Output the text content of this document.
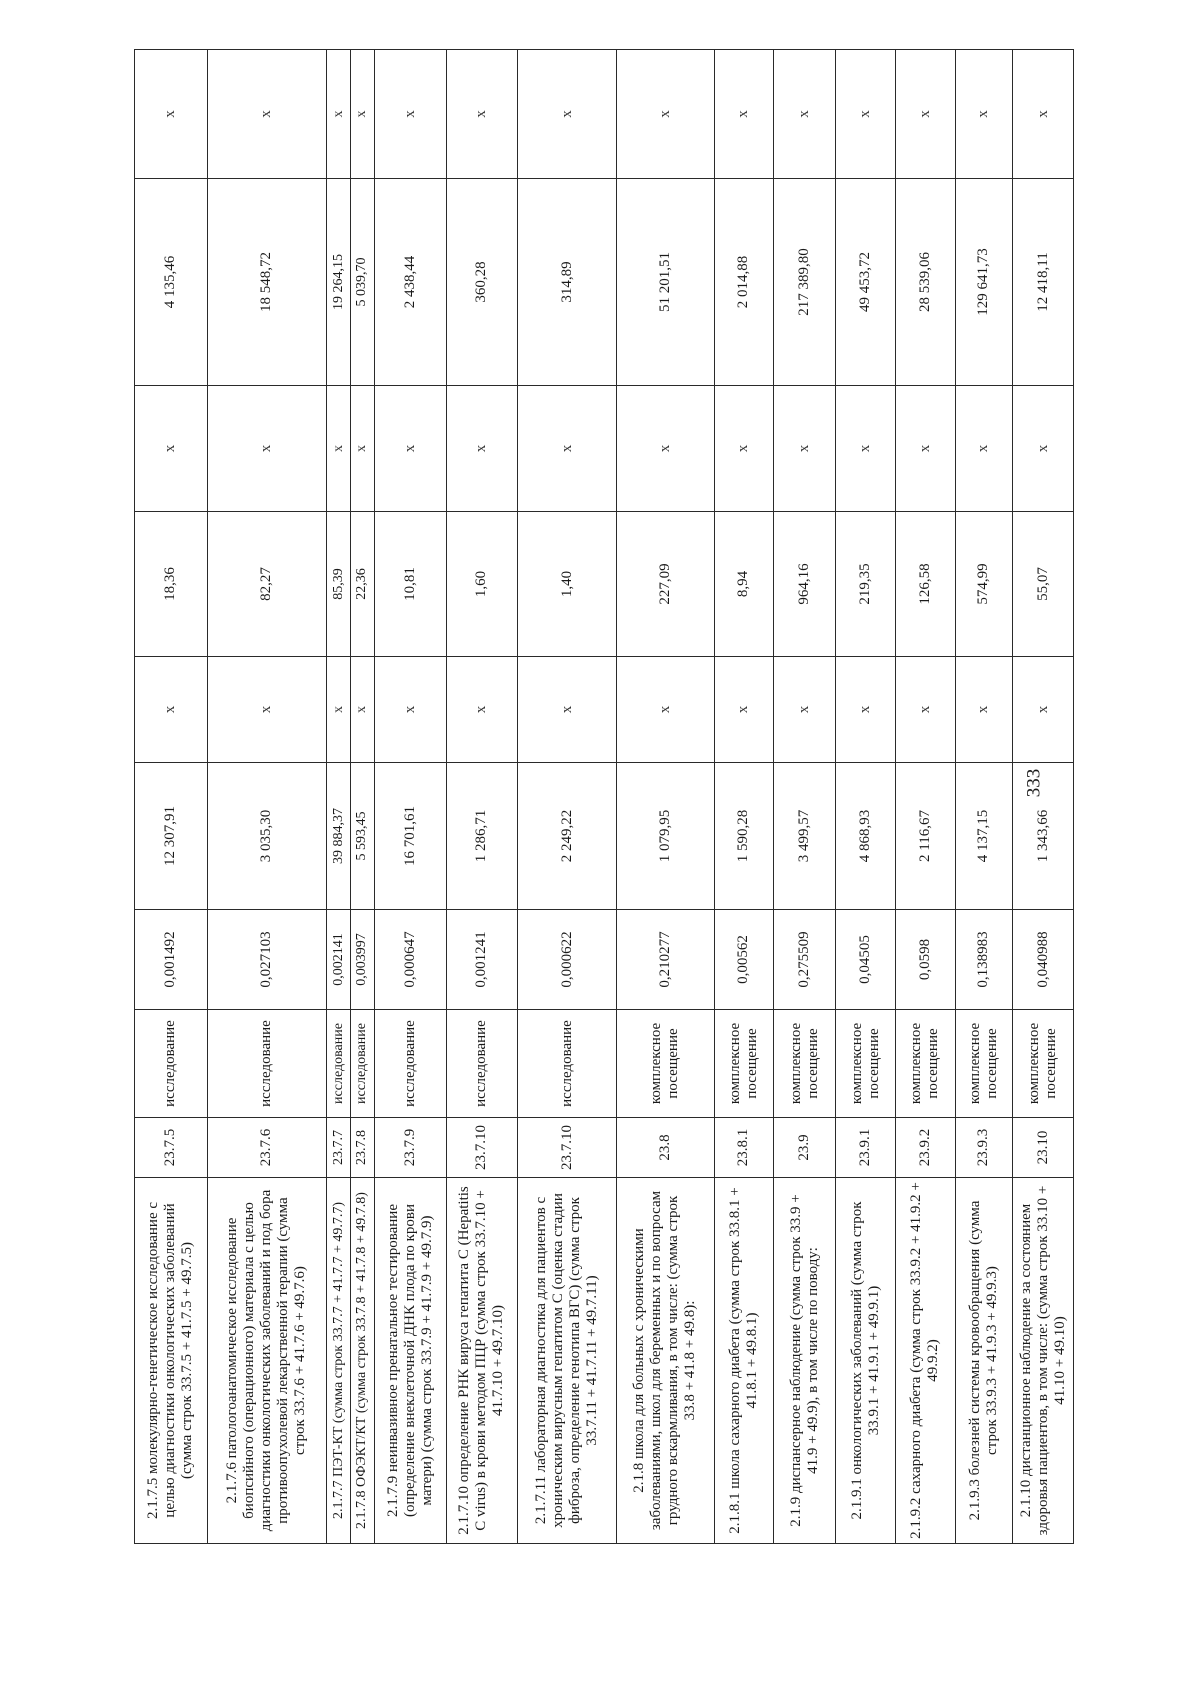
2.1.7.5 молекулярно-генетическое исследование с целью диагностики онкологических заболеваний (сумма строк 33.7.5 + 41.7.5 + 49.7.5)	23.7.5	исследование	0,001492	12 307,91	x	18,36	x	4 135,46	x
2.1.7.6 патологоанатомическое исследование биопсийного (операционного) материала с целью диагностики онкологических заболеваний и под бора противоопухолевой лекарственной терапии (сумма строк 33.7.6 + 41.7.6 + 49.7.6)	23.7.6	исследование	0,027103	3 035,30	x	82,27	x	18 548,72	x
2.1.7.7 ПЭТ-КТ (сумма строк 33.7.7 + 41.7.7 + 49.7.7)	23.7.7	исследование	0,002141	39 884,37	x	85,39	x	19 264,15	x
2.1.7.8 ОФЭКТ/КТ (сумма строк 33.7.8 + 41.7.8 + 49.7.8)	23.7.8	исследование	0,003997	5 593,45	x	22,36	x	5 039,70	x
2.1.7.9 неинвазивное пренатальное тестирование (определение внеклеточной ДНК плода по крови матери) (сумма строк 33.7.9 + 41.7.9 + 49.7.9)	23.7.9	исследование	0,000647	16 701,61	x	10,81	x	2 438,44	x
2.1.7.10 определение РНК вируса гепатита С (Hepatitis C virus) в крови методом ПЦР (сумма строк 33.7.10 + 41.7.10 + 49.7.10)	23.7.10	исследование	0,001241	1 286,71	x	1,60	x	360,28	x
2.1.7.11 лабораторная диагностика для пациентов с хроническим вирусным гепатитом С (оценка стадии фиброза, определение генотипа ВГС) (сумма строк 33.7.11 + 41.7.11 + 49.7.11)	23.7.10	исследование	0,000622	2 249,22	x	1,40	x	314,89	x
2.1.8 школа для больных с хроническими заболеваниями, школ для беременных и по вопросам грудного вскармливания, в том числе: (сумма строк 33.8 + 41.8 + 49.8):	23.8	комплексное посещение	0,210277	1 079,95	x	227,09	x	51 201,51	x
2.1.8.1 школа сахарного диабета (сумма строк 33.8.1 + 41.8.1 + 49.8.1)	23.8.1	комплексное посещение	0,00562	1 590,28	x	8,94	x	2 014,88	x
2.1.9 диспансерное наблюдение (сумма строк 33.9 + 41.9 + 49.9), в том числе по поводу:	23.9	комплексное посещение	0,275509	3 499,57	x	964,16	x	217 389,80	x
2.1.9.1 онкологических заболеваний (сумма строк 33.9.1 + 41.9.1 + 49.9.1)	23.9.1	комплексное посещение	0,04505	4 868,93	x	219,35	x	49 453,72	x
2.1.9.2 сахарного диабета (сумма строк 33.9.2 + 41.9.2 + 49.9.2)	23.9.2	комплексное посещение	0,0598	2 116,67	x	126,58	x	28 539,06	x
2.1.9.3 болезней системы кровообращения (сумма строк 33.9.3 + 41.9.3 + 49.9.3)	23.9.3	комплексное посещение	0,138983	4 137,15	x	574,99	x	129 641,73	x
2.1.10 дистанционное наблюдение за состоянием здоровья пациентов, в том числе: (сумма строк 33.10 + 41.10 + 49.10)	23.10	комплексное посещение	0,040988	1 343,66	x	55,07	x	12 418,11	x
333
